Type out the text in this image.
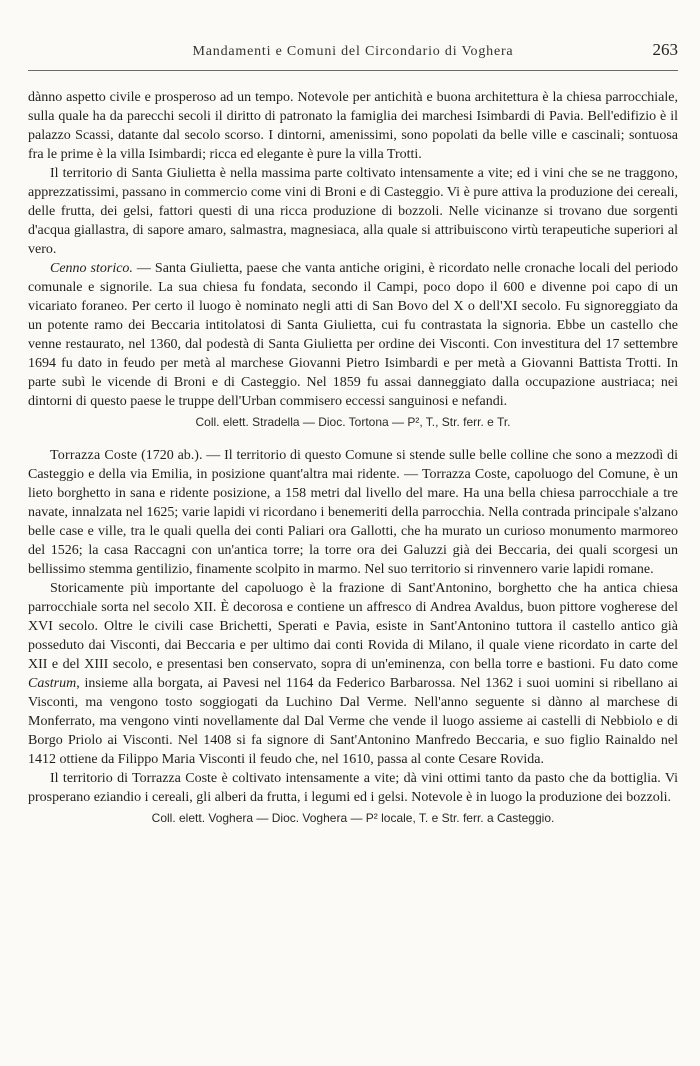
Mandamenti e Comuni del Circondario di Voghera	263

dànno aspetto civile e prosperoso ad un tempo. Notevole per antichità e buona architettura è la chiesa parrocchiale, sulla quale ha da parecchi secoli il diritto di patronato la famiglia dei marchesi Isimbardi di Pavia. Bell'edifizio è il palazzo Scassi, datante dal secolo scorso. I dintorni, amenissimi, sono popolati da belle ville e cascinali; sontuosa fra le prime è la villa Isimbardi; ricca ed elegante è pure la villa Trotti.

Il territorio di Santa Giulietta è nella massima parte coltivato intensamente a vite; ed i vini che se ne traggono, apprezzatissimi, passano in commercio come vini di Broni e di Casteggio. Vi è pure attiva la produzione dei cereali, delle frutta, dei gelsi, fattori questi di una ricca produzione di bozzoli. Nelle vicinanze si trovano due sorgenti d'acqua giallastra, di sapore amaro, salmastra, magnesiaca, alla quale si attribuiscono virtù terapeutiche superiori al vero.

Cenno storico. — Santa Giulietta, paese che vanta antiche origini, è ricordato nelle cronache locali del periodo comunale e signorile. La sua chiesa fu fondata, secondo il Campi, poco dopo il 600 e divenne poi capo di un vicariato foraneo. Per certo il luogo è nominato negli atti di San Bovo del X o dell'XI secolo. Fu signoreggiato da un potente ramo dei Beccaria intitolatosi di Santa Giulietta, cui fu contrastata la signoria. Ebbe un castello che venne restaurato, nel 1360, dal podestà di Santa Giulietta per ordine dei Visconti. Con investitura del 17 settembre 1694 fu dato in feudo per metà al marchese Giovanni Pietro Isimbardi e per metà a Giovanni Battista Trotti. In parte subì le vicende di Broni e di Casteggio. Nel 1859 fu assai danneggiato dalla occupazione austriaca; nei dintorni di questo paese le truppe dell'Urban commisero eccessi sanguinosi e nefandi.

Coll. elett. Stradella — Dioc. Tortona — P², T., Str. ferr. e Tr.

Torrazza Coste (1720 ab.). — Il territorio di questo Comune si stende sulle belle colline che sono a mezzodì di Casteggio e della via Emilia, in posizione quant'altra mai ridente. — Torrazza Coste, capoluogo del Comune, è un lieto borghetto in sana e ridente posizione, a 158 metri dal livello del mare. Ha una bella chiesa parrocchiale a tre navate, innalzata nel 1625; varie lapidi vi ricordano i benemeriti della parrocchia. Nella contrada principale s'alzano belle case e ville, tra le quali quella dei conti Paliari ora Gallotti, che ha murato un curioso monumento marmoreo del 1526; la casa Raccagni con un'antica torre; la torre ora dei Galuzzi già dei Beccaria, dei quali scorgesi un bellissimo stemma gentilizio, finamente scolpito in marmo. Nel suo territorio si rinvennero varie lapidi romane.

Storicamente più importante del capoluogo è la frazione di Sant'Antonino, borghetto che ha antica chiesa parrocchiale sorta nel secolo XII. È decorosa e contiene un affresco di Andrea Avaldus, buon pittore vogherese del XVI secolo. Oltre le civili case Brichetti, Sperati e Pavia, esiste in Sant'Antonino tuttora il castello antico già posseduto dai Visconti, dai Beccaria e per ultimo dai conti Rovida di Milano, il quale viene ricordato in carte del XII e del XIII secolo, e presentasi ben conservato, sopra di un'eminenza, con bella torre e bastioni. Fu dato come Castrum, insieme alla borgata, ai Pavesi nel 1164 da Federico Barbarossa. Nel 1362 i suoi uomini si ribellano ai Visconti, ma vengono tosto soggiogati da Luchino Dal Verme. Nell'anno seguente si dànno al marchese di Monferrato, ma vengono vinti novellamente dal Dal Verme che vende il luogo assieme ai castelli di Nebbiolo e di Borgo Priolo ai Visconti. Nel 1408 si fa signore di Sant'Antonino Manfredo Beccaria, e suo figlio Rainaldo nel 1412 ottiene da Filippo Maria Visconti il feudo che, nel 1610, passa al conte Cesare Rovida.

Il territorio di Torrazza Coste è coltivato intensamente a vite; dà vini ottimi tanto da pasto che da bottiglia. Vi prosperano eziandio i cereali, gli alberi da frutta, i legumi ed i gelsi. Notevole è in luogo la produzione dei bozzoli.

Coll. elett. Voghera — Dioc. Voghera — P² locale, T. e Str. ferr. a Casteggio.
